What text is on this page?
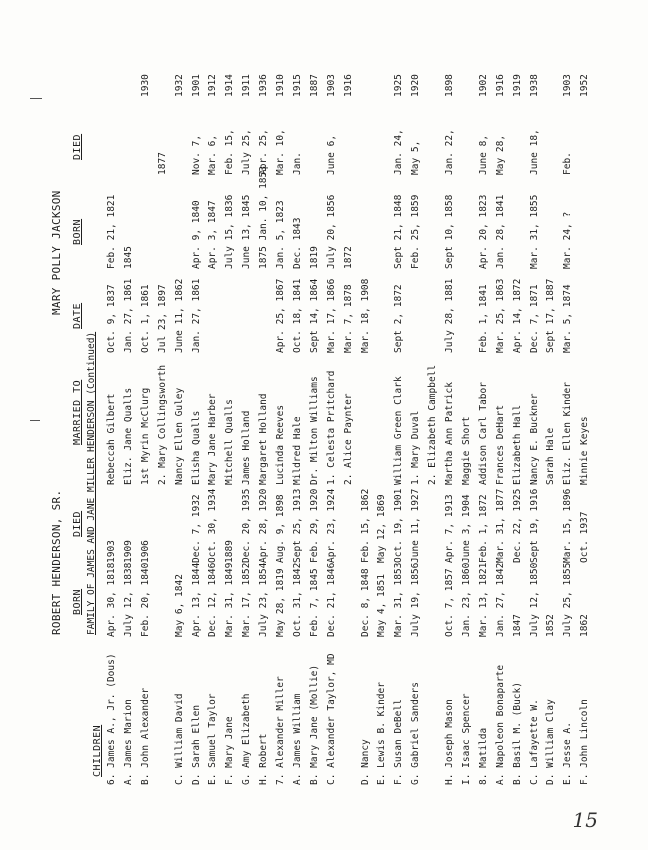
ROBERT HENDERSON, SR.
MARY POLLY JACKSON
BORN
DIED
MARRIED TO
DATE
BORN
DIED
CHILDREN
FAMILY OF JAMES AND JANE MILLER HENDERSON (Continued)
6. James A., Jr. (Dous)
Apr. 30, 1818
1903
Rebeccah Gilbert
Oct. 9, 1837
Feb. 21, 1821
A. James Marion
July 12, 1838
1909
Eliz. Jane Qualls
Jan. 27, 1861
1845
B. John Alexander
Feb. 20, 1840
1906
1st Myrin McClurg
Oct. 1, 1861
1930
2. Mary Collingsworth
Jul 23, 1897
1877
C. William David
May 6, 1842
Nancy Ellen Guley
June 11, 1862
1932
D. Sarah Ellen
Apr. 13, 1844
Dec. 7, 1932
Elisha Qualls
Jan. 27, 1861
Apr. 9, 1840
Nov. 7,
1901
E. Samuel Taylor
Dec. 12, 1846
Oct. 30, 1934
Mary Jane Harber
Apr. 3, 1847
Mar. 6,
1912
F. Mary Jane
Mar. 31, 1849
1889
Mitchell Qualls
July 15, 1836
Feb. 15,
1914
G. Amy Elizabeth
Mar. 17, 1852
Dec. 20, 1935
James Holland
June 13, 1845
July 25,
1911
H. Robert
July 23, 1854
Apr. 28, 1920
Margaret Holland
1875 Jan. 10, 1853
Apr. 25,
1936
7. Alexander Miller
May 28, 1819
Aug. 9, 1898
Lucinda Reeves
Apr. 25, 1867
Jan. 5, 1823
Mar. 10,
1910
A. James William
Oct. 31, 1842
Sept 25, 1913
Mildred Hale
Oct. 18, 1841
Dec. 1843
Jan.
1915
B. Mary Jane (Mollie)
Feb. 7, 1845
Feb. 29, 1920
Dr. Milton Williams
Sept 14, 1864
1819
1887
C. Alexander Taylor, MD
Dec. 21, 1846
Apr. 23, 1924
1. Celesta Pritchard
Mar. 17, 1866
July 20, 1856
June 6,
1903
2. Alice Paynter
Mar. 7, 1878
1872
1916
D. Nancy
Dec. 8, 1848
Feb. 15, 1862
Mar. 18, 1908
E. Lewis B. Kinder
May 4, 1851
May 12, 1869
F. Susan DeBell
Mar. 31, 1853
Oct. 19, 1901
William Green Clark
Sept 2, 1872
Sept 21, 1848
Jan. 24,
1925
G. Gabriel Sanders
July 19, 1856
June 11, 1927
1. Mary Duval
Feb. 25, 1859
May 5,
1920
2. Elizabeth Campbell
H. Joseph Mason
Oct. 7, 1857
Apr. 7, 1913
Martha Ann Patrick
July 28, 1881
Sept 10, 1858
Jan. 22,
1898
I. Isaac Spencer
Jan. 23, 1860
June 3, 1904
Maggie Short
8. Matilda
Mar. 13, 1821
Feb. 1, 1872
Addison Carl Tabor
Feb. 1, 1841
Apr. 20, 1823
June 8,
1902
A. Napoleon Bonaparte
Jan. 27, 1842
Mar. 31, 1877
Frances DeHart
Mar. 25, 1863
Jan. 28, 1841
May 28,
1916
B. Basil M. (Buck)
1847
Dec. 22, 1925
Elizabeth Hall
Apr. 14, 1872
1919
C. Lafayette W.
July 12, 1850
Sept 19, 1916
Nancy E. Buckner
Dec. 7, 1871
Mar. 31, 1855
June 18,
1938
D. William Clay
1852
Sarah Hale
Sept 17, 1887
E. Jesse A.
July 25, 1855
Mar. 15, 1896
Eliz. Ellen Kinder
Mar. 5, 1874
Mar. 24, ?
Feb.
1903
F. John Lincoln
1862
Oct. 1937
Minnie Keyes
1952
15
